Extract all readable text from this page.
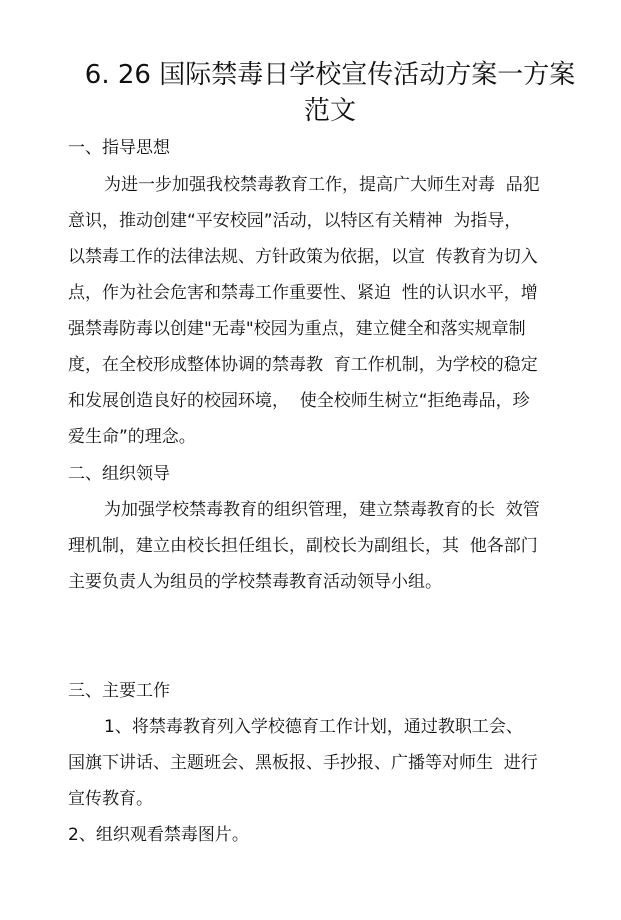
6. 26 国际禁毒日学校宣传活动方案一方案
范文
一、指导思想

为进一步加强我校禁毒教育工作，提高广大师生对毒  品犯

意识，推动创建“平安校园”活动，以特区有关精神  为指导，

以禁毒工作的法律法规、方针政策为依据，以宣  传教育为切入

点，作为社会危害和禁毒工作重要性、紧迫  性的认识水平，增

强禁毒防毒以创建"无毒"校园为重点，建立健全和落实规章制

度，在全校形成整体协调的禁毒教  育工作机制，为学校的稳定

和发展创造良好的校园环境，  使全校师生树立“拒绝毒品，珍

爱生命”的理念。

二、组织领导

为加强学校禁毒教育的组织管理，建立禁毒教育的长  效管

理机制，建立由校长担任组长，副校长为副组长，其  他各部门

主要负责人为组员的学校禁毒教育活动领导小组。

三、主要工作

1、将禁毒教育列入学校德育工作计划，通过教职工会、

国旗下讲话、主题班会、黑板报、手抄报、广播等对师生  进行

宣传教育。

2、组织观看禁毒图片。
